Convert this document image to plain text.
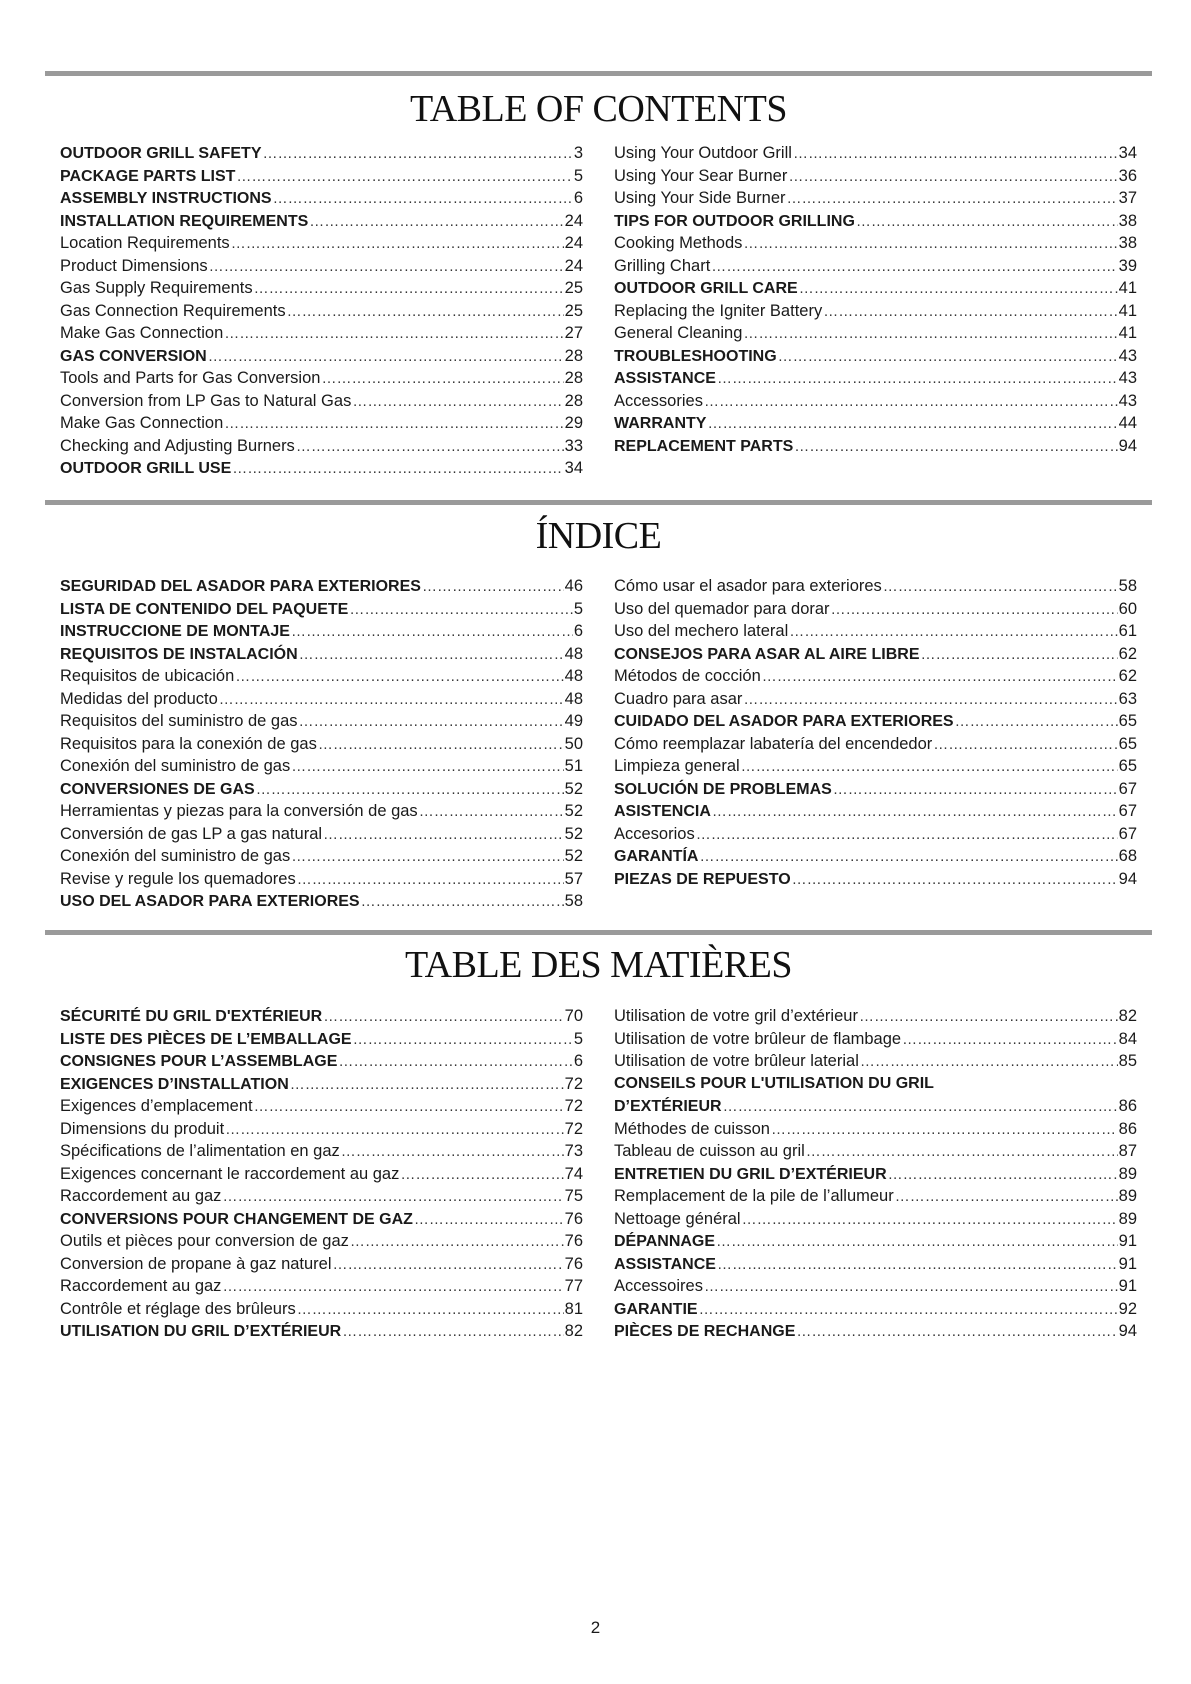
TABLE OF CONTENTS
OUTDOOR GRILL SAFETY ………………………………………………………………………………………………………………………………………………………………	3
PACKAGE PARTS LIST ………………………………………………………………………………………………………………………………………………………………	5
ASSEMBLY INSTRUCTIONS ………………………………………………………………………………………………………………………………………………………………	6
INSTALLATION REQUIREMENTS ………………………………………………………………………………………………………………………………………………………………	24
Location Requirements ………………………………………………………………………………………………………………………………………………………………	24
Product Dimensions ………………………………………………………………………………………………………………………………………………………………	24
Gas Supply Requirements ………………………………………………………………………………………………………………………………………………………………	25
Gas Connection Requirements ………………………………………………………………………………………………………………………………………………………………	25
Make Gas Connection ………………………………………………………………………………………………………………………………………………………………	27
GAS CONVERSION ………………………………………………………………………………………………………………………………………………………………	28
Tools and Parts for Gas Conversion ………………………………………………………………………………………………………………………………………………………………	28
Conversion from LP Gas to Natural Gas ………………………………………………………………………………………………………………………………………………………………	28
Make Gas Connection ………………………………………………………………………………………………………………………………………………………………	29
Checking and Adjusting Burners ………………………………………………………………………………………………………………………………………………………………	33
OUTDOOR GRILL USE ………………………………………………………………………………………………………………………………………………………………	34
Using Your Outdoor Grill ………………………………………………………………………………………………………………………………………………………………	34
Using Your Sear Burner ………………………………………………………………………………………………………………………………………………………………	36
Using Your Side Burner ………………………………………………………………………………………………………………………………………………………………	37
TIPS FOR OUTDOOR GRILLING ………………………………………………………………………………………………………………………………………………………………	38
Cooking Methods ………………………………………………………………………………………………………………………………………………………………	38
Grilling Chart ………………………………………………………………………………………………………………………………………………………………	39
OUTDOOR GRILL CARE ………………………………………………………………………………………………………………………………………………………………	41
Replacing the Igniter Battery ………………………………………………………………………………………………………………………………………………………………	41
General Cleaning ………………………………………………………………………………………………………………………………………………………………	41
TROUBLESHOOTING ………………………………………………………………………………………………………………………………………………………………	43
ASSISTANCE ………………………………………………………………………………………………………………………………………………………………	43
Accessories ………………………………………………………………………………………………………………………………………………………………	43
WARRANTY ………………………………………………………………………………………………………………………………………………………………	44
REPLACEMENT PARTS ………………………………………………………………………………………………………………………………………………………………	94
ÍNDICE
SEGURIDAD DEL ASADOR PARA EXTERIORES ………………………………………………………………………………………………………………………………………………………………	46
LISTA DE CONTENIDO DEL PAQUETE ………………………………………………………………………………………………………………………………………………………………	5
INSTRUCCIONE DE MONTAJE ………………………………………………………………………………………………………………………………………………………………	6
REQUISITOS DE INSTALACIÓN ………………………………………………………………………………………………………………………………………………………………	48
Requisitos de ubicación ………………………………………………………………………………………………………………………………………………………………	48
Medidas del producto ………………………………………………………………………………………………………………………………………………………………	48
Requisitos del suministro de gas ………………………………………………………………………………………………………………………………………………………………	49
Requisitos para la conexión de gas ………………………………………………………………………………………………………………………………………………………………	50
Conexión del suministro de gas ………………………………………………………………………………………………………………………………………………………………	51
CONVERSIONES DE GAS ………………………………………………………………………………………………………………………………………………………………	52
Herramientas y piezas para la conversión de gas ………………………………………………………………………………………………………………………………………………………………	52
Conversión de gas LP a gas natural ………………………………………………………………………………………………………………………………………………………………	52
Conexión del suministro de gas ………………………………………………………………………………………………………………………………………………………………	52
Revise y regule los quemadores ………………………………………………………………………………………………………………………………………………………………	57
USO DEL ASADOR PARA EXTERIORES ………………………………………………………………………………………………………………………………………………………………	58
Cómo usar el asador para exteriores ………………………………………………………………………………………………………………………………………………………………	58
Uso del quemador para dorar ………………………………………………………………………………………………………………………………………………………………	60
Uso del mechero lateral ………………………………………………………………………………………………………………………………………………………………	61
CONSEJOS PARA ASAR AL AIRE LIBRE ………………………………………………………………………………………………………………………………………………………………	62
Métodos de cocción ………………………………………………………………………………………………………………………………………………………………	62
Cuadro para asar ………………………………………………………………………………………………………………………………………………………………	63
CUIDADO DEL ASADOR PARA EXTERIORES ………………………………………………………………………………………………………………………………………………………………	65
Cómo reemplazar labatería del encendedor ………………………………………………………………………………………………………………………………………………………………	65
Limpieza general ………………………………………………………………………………………………………………………………………………………………	65
SOLUCIÓN DE PROBLEMAS ………………………………………………………………………………………………………………………………………………………………	67
ASISTENCIA ………………………………………………………………………………………………………………………………………………………………	67
Accesorios ………………………………………………………………………………………………………………………………………………………………	67
GARANTÍA ………………………………………………………………………………………………………………………………………………………………	68
PIEZAS DE REPUESTO ………………………………………………………………………………………………………………………………………………………………	94
TABLE DES MATIÈRES
SÉCURITÉ DU GRIL D'EXTÉRIEUR ………………………………………………………………………………………………………………………………………………………………	70
LISTE DES PIÈCES DE L’EMBALLAGE ………………………………………………………………………………………………………………………………………………………………	5
CONSIGNES POUR L’ASSEMBLAGE ………………………………………………………………………………………………………………………………………………………………	6
EXIGENCES D’INSTALLATION ………………………………………………………………………………………………………………………………………………………………	72
Exigences d’emplacement ………………………………………………………………………………………………………………………………………………………………	72
Dimensions du produit ………………………………………………………………………………………………………………………………………………………………	72
Spécifications de l’alimentation en gaz ………………………………………………………………………………………………………………………………………………………………	73
Exigences concernant le raccordement au gaz ………………………………………………………………………………………………………………………………………………………………	74
Raccordement au gaz ………………………………………………………………………………………………………………………………………………………………	75
CONVERSIONS POUR CHANGEMENT DE GAZ ………………………………………………………………………………………………………………………………………………………………	76
Outils et pièces pour conversion de gaz ………………………………………………………………………………………………………………………………………………………………	76
Conversion de propane à gaz naturel ………………………………………………………………………………………………………………………………………………………………	76
Raccordement au gaz ………………………………………………………………………………………………………………………………………………………………	77
Contrôle et réglage des brûleurs ………………………………………………………………………………………………………………………………………………………………	81
UTILISATION DU GRIL D’EXTÉRIEUR ………………………………………………………………………………………………………………………………………………………………	82
Utilisation de votre gril d’extérieur ………………………………………………………………………………………………………………………………………………………………	82
Utilisation de votre brûleur de flambage ………………………………………………………………………………………………………………………………………………………………	84
Utilisation de votre brûleur laterial ………………………………………………………………………………………………………………………………………………………………	85
CONSEILS POUR L'UTILISATION DU GRIL
D’EXTÉRIEUR ………………………………………………………………………………………………………………………………………………………………	86
Méthodes de cuisson ………………………………………………………………………………………………………………………………………………………………	86
Tableau de cuisson au gril ………………………………………………………………………………………………………………………………………………………………	87
ENTRETIEN DU GRIL D’EXTÉRIEUR ………………………………………………………………………………………………………………………………………………………………	89
Remplacement de la pile de l’allumeur ………………………………………………………………………………………………………………………………………………………………	89
Nettoage général ………………………………………………………………………………………………………………………………………………………………	89
DÉPANNAGE ………………………………………………………………………………………………………………………………………………………………	91
ASSISTANCE ………………………………………………………………………………………………………………………………………………………………	91
Accessoires ………………………………………………………………………………………………………………………………………………………………	91
GARANTIE ………………………………………………………………………………………………………………………………………………………………	92
PIÈCES DE RECHANGE ………………………………………………………………………………………………………………………………………………………………	94
2
